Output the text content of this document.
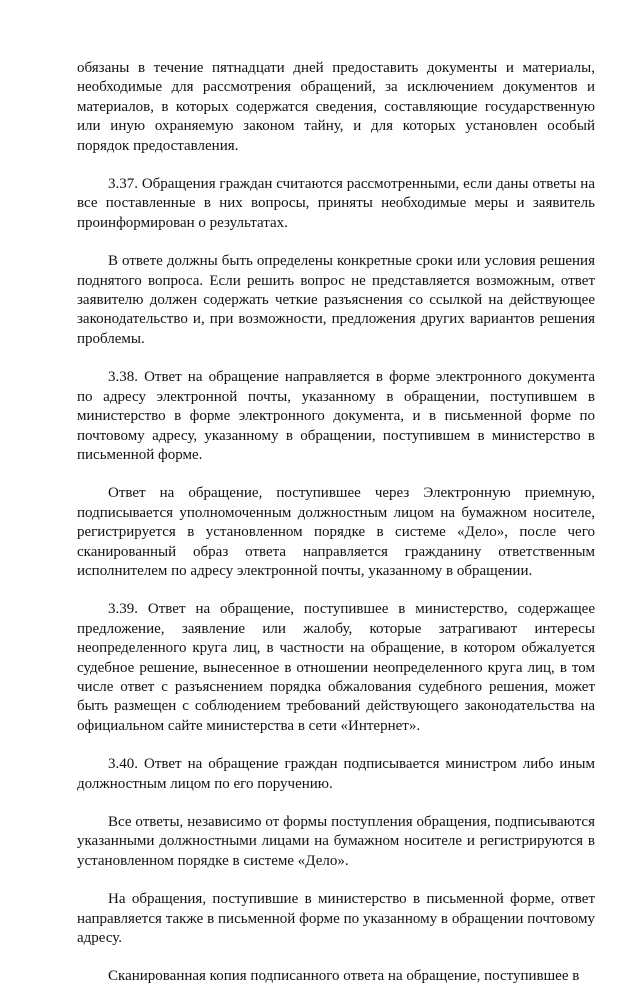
обязаны в течение пятнадцати дней предоставить документы и материалы, необходимые для рассмотрения обращений, за исключением документов и материалов, в которых содержатся сведения, составляющие государственную или иную охраняемую законом тайну, и для которых установлен особый порядок предоставления.

3.37. Обращения граждан считаются рассмотренными, если даны ответы на все поставленные в них вопросы, приняты необходимые меры и заявитель проинформирован о результатах.

В ответе должны быть определены конкретные сроки или условия решения поднятого вопроса. Если решить вопрос не представляется возможным, ответ заявителю должен содержать четкие разъяснения со ссылкой на действующее законодательство и, при возможности, предложения других вариантов решения проблемы.

3.38. Ответ на обращение направляется в форме электронного документа по адресу электронной почты, указанному в обращении, поступившем в министерство в форме электронного документа, и в письменной форме по почтовому адресу, указанному в обращении, поступившем в министерство в письменной форме.

Ответ на обращение, поступившее через Электронную приемную, подписывается уполномоченным должностным лицом на бумажном носителе, регистрируется в установленном порядке в системе «Дело», после чего сканированный образ ответа направляется гражданину ответственным исполнителем по адресу электронной почты, указанному в обращении.

3.39. Ответ на обращение, поступившее в министерство, содержащее предложение, заявление или жалобу, которые затрагивают интересы неопределенного круга лиц, в частности на обращение, в котором обжалуется судебное решение, вынесенное в отношении неопределенного круга лиц, в том числе ответ с разъяснением порядка обжалования судебного решения, может быть размещен с соблюдением требований действующего законодательства на официальном сайте министерства в сети «Интернет».

3.40. Ответ на обращение граждан подписывается министром либо иным должностным лицом по его поручению.

Все ответы, независимо от формы поступления обращения, подписываются указанными должностными лицами на бумажном носителе и регистрируются в установленном порядке в системе «Дело».

На обращения, поступившие в министерство в письменной форме, ответ направляется также в письменной форме по указанному в обращении почтовому адресу.

Сканированная копия подписанного ответа на обращение, поступившее в
